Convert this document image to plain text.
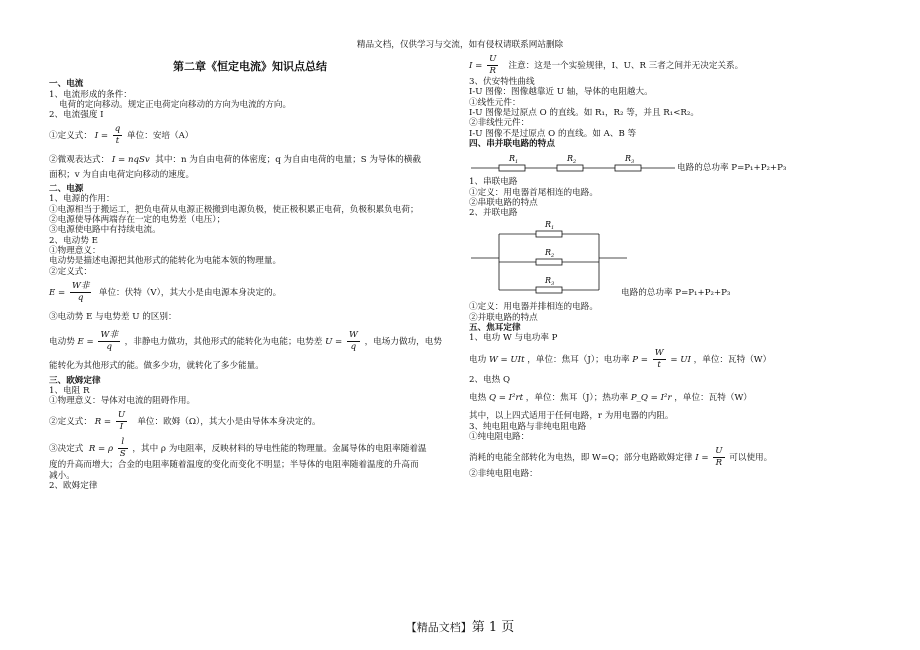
精品文档，仅供学习与交流，如有侵权请联系网站删除

第二章《恒定电流》知识点总结

一、电流

1、电流形成的条件：

电荷的定向移动。规定正电荷定向移动的方向为电流的方向。

2、电流强度 I

①定义式： $I = \frac{q}{t}$ 单位：安培（A）

②微观表达式： I = nqSv 其中：n 为自由电荷的体密度；q 为自由电荷的电量；S 为导体的横截

面积；v 为自由电荷定向移动的速度。

二、电源

1、电源的作用：

①电源相当于搬运工，把负电荷从电源正极搬到电源负极，使正极积累正电荷，负极积累负电荷；

②电源使导体两端存在一定的电势差（电压）；

③电源使电路中有持续电流。

2、电动势 E

①物理意义：

电动势是描述电源把其他形式的能转化为电能本领的物理量。

②定义式：

E =
W非
q	单位：伏特（V），其大小是由电源本身决定的。

③电动势 E 与电势差 U 的区别：

电动势 E =
W非
q	，非静电力做功，其他形式的能转化为电能；电势差 $U = \frac{W}{q}$ ，电场力做功，电势

能转化为其他形式的能。做多少功，就转化了多少能量。

三、欧姆定律

1、电阻 R

①物理意义：导体对电流的阻碍作用。

②定义式： $R = \frac{U}{I}$ 单位：欧姆（Ω），其大小是由导体本身决定的。

③决定式 R = ρ $\frac{l}{S}$ ，其中 ρ 为电阻率，反映材料的导电性能的物理量。金属导体的电阻率随着温

度的升高而增大；合金的电阻率随着温度的变化而变化不明显；半导体的电阻率随着温度的升高而

减小。

2、欧姆定律

$I = \frac{U}{R}$ 注意：这是一个实验规律，I、U、R 三者之间并无决定关系。

3、伏安特性曲线

I-U 图像：图像越靠近 U 轴，导体的电阻越大。

①线性元件：

I-U 图像是过原点 O 的直线。如 R₁，R₂ 等，并且 R₁<R₂。

②非线性元件：

I-U 图像不是过原点 O 的直线。如 A、B 等

四、串并联电路的特点

$R_1$	$R_2$	$R_3$
电路的总功率 P=P₁+P₂+P₃

1、串联电路

①定义：用电器首尾相连的电路。

②串联电路的特点

2、并联电路

$R_1$
$R_2$
$R_3$
电路的总功率 P=P₁+P₂+P₃

①定义：用电器并排相连的电路。

②并联电路的特点

五、焦耳定律

1、电功 W 与电功率 P

电功 W = UIt ，单位：焦耳（J）；电功率 $P = \frac{W}{t}$ = UI ，单位：瓦特（W）

2、电热 Q

电热 Q = I²rt ，单位：焦耳（J）；热功率 P_Q = I²r ，单位：瓦特（W）

其中，以上四式适用于任何电路，r 为用电器的内阻。

3、纯电阻电路与非纯电阻电路

①纯电阻电路：

消耗的电能全部转化为电热，即 W=Q；部分电路欧姆定律 $I = \frac{U}{R}$ 可以使用。

②非纯电阻电路：

【精品文档】第 1 页
